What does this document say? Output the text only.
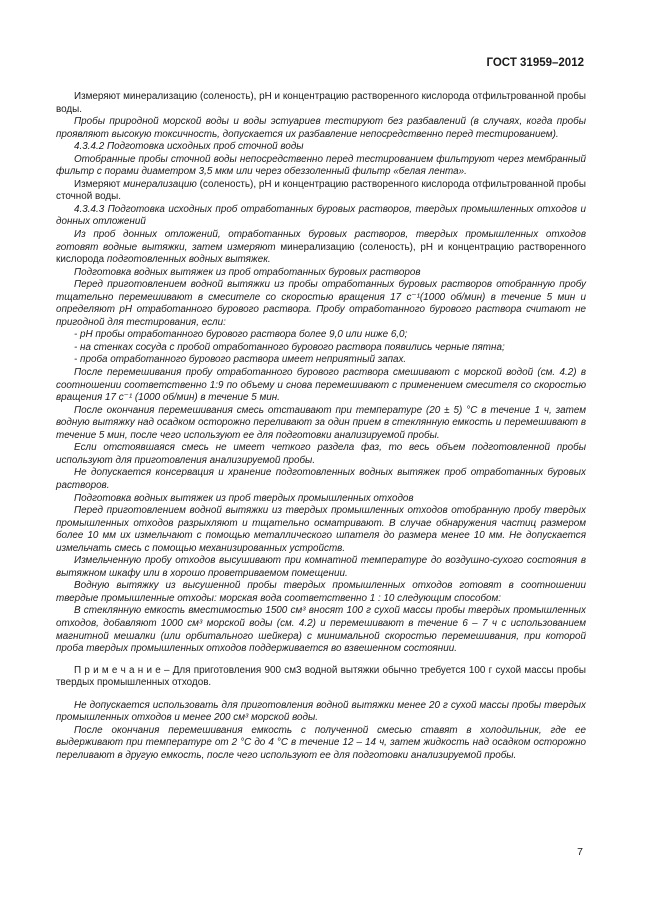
ГОСТ 31959–2012

Измеряют минерализацию (соленость), pH и концентрацию растворенного кислорода отфильтрованной пробы воды.

Пробы природной морской воды и воды эстуариев тестируют без разбавлений (в случаях, когда пробы проявляют высокую токсичность, допускается их разбавление непосредственно перед тестированием).

4.3.4.2 Подготовка исходных проб сточной воды

Отобранные пробы сточной воды непосредственно перед тестированием фильтруют через мембранный фильтр с порами диаметром 3,5 мкм или через обеззоленный фильтр «белая лента».

Измеряют минерализацию (соленость), рН и концентрацию растворенного кислорода отфильтрованной пробы сточной воды.

4.3.4.3 Подготовка исходных проб отработанных буровых растворов, твердых промышленных отходов и донных отложений

Из проб донных отложений, отработанных буровых растворов, твердых промышленных отходов готовят водные вытяжки, затем измеряют минерализацию (соленость), рН и концентрацию растворенного кислорода подготовленных водных вытяжек.

Подготовка водных вытяжек из проб отработанных буровых растворов

Перед приготовлением водной вытяжки из пробы отработанных буровых растворов отобранную пробу тщательно перемешивают в смесителе со скоростью вращения 17 с⁻¹(1000 об/мин) в течение 5 мин и определяют рН отработанного бурового раствора. Пробу отработанного бурового раствора считают не пригодной для тестирования, если:

- рН пробы отработанного бурового раствора более 9,0 или ниже 6,0;

- на стенках сосуда с пробой отработанного бурового раствора появились черные пятна;

- проба отработанного бурового раствора имеет неприятный запах.

После перемешивания пробу отработанного бурового раствора смешивают с морской водой (см. 4.2) в соотношении соответственно 1:9 по объему и снова перемешивают с применением смесителя со скоростью вращения 17 с⁻¹ (1000 об/мин) в течение 5 мин.

После окончания перемешивания смесь отстаивают при температуре (20 ± 5) °С в течение 1 ч, затем водную вытяжку над осадком осторожно переливают за один прием в стеклянную емкость и перемешивают в течение 5 мин, после чего используют ее для подготовки анализируемой пробы.

Если отстоявшаяся смесь не имеет четкого раздела фаз, то весь объем подготовленной пробы используют для приготовления анализируемой пробы.

Не допускается консервация и хранение подготовленных водных вытяжек проб отработанных буровых растворов.

Подготовка водных вытяжек из проб твердых промышленных отходов

Перед приготовлением водной вытяжки из твердых промышленных отходов отобранную пробу твердых промышленных отходов разрыхляют и тщательно осматривают. В случае обнаружения частиц размером более 10 мм их измельчают с помощью металлического шпателя до размера менее 10 мм. Не допускается измельчать смесь с помощью механизированных устройств.

Измельченную пробу отходов высушивают при комнатной температуре до воздушно-сухого состояния в вытяжном шкафу или в хорошо проветриваемом помещении.

Водную вытяжку из высушенной пробы твердых промышленных отходов готовят в соотношении твердые промышленные отходы: морская вода соответственно 1 : 10 следующим способом:

В стеклянную емкость вместимостью 1500 см³ вносят 100 г сухой массы пробы твердых промышленных отходов, добавляют 1000 см³ морской воды (см. 4.2) и перемешивают в течение 6 – 7 ч с использованием магнитной мешалки (или орбитального шейкера) с минимальной скоростью перемешивания, при которой проба твердых промышленных отходов поддерживается во взвешенном состоянии.

П р и м е ч а н и е – Для приготовления 900 см3 водной вытяжки обычно требуется 100 г сухой массы пробы твердых промышленных отходов.

Не допускается использовать для приготовления водной вытяжки менее 20 г сухой массы пробы твердых промышленных отходов и менее 200 см³ морской воды.

После окончания перемешивания емкость с полученной смесью ставят в холодильник, где ее выдерживают при температуре от 2 °С до 4 °С в течение 12 – 14 ч, затем жидкость над осадком осторожно переливают в другую емкость, после чего используют ее для подготовки анализируемой пробы.

7
